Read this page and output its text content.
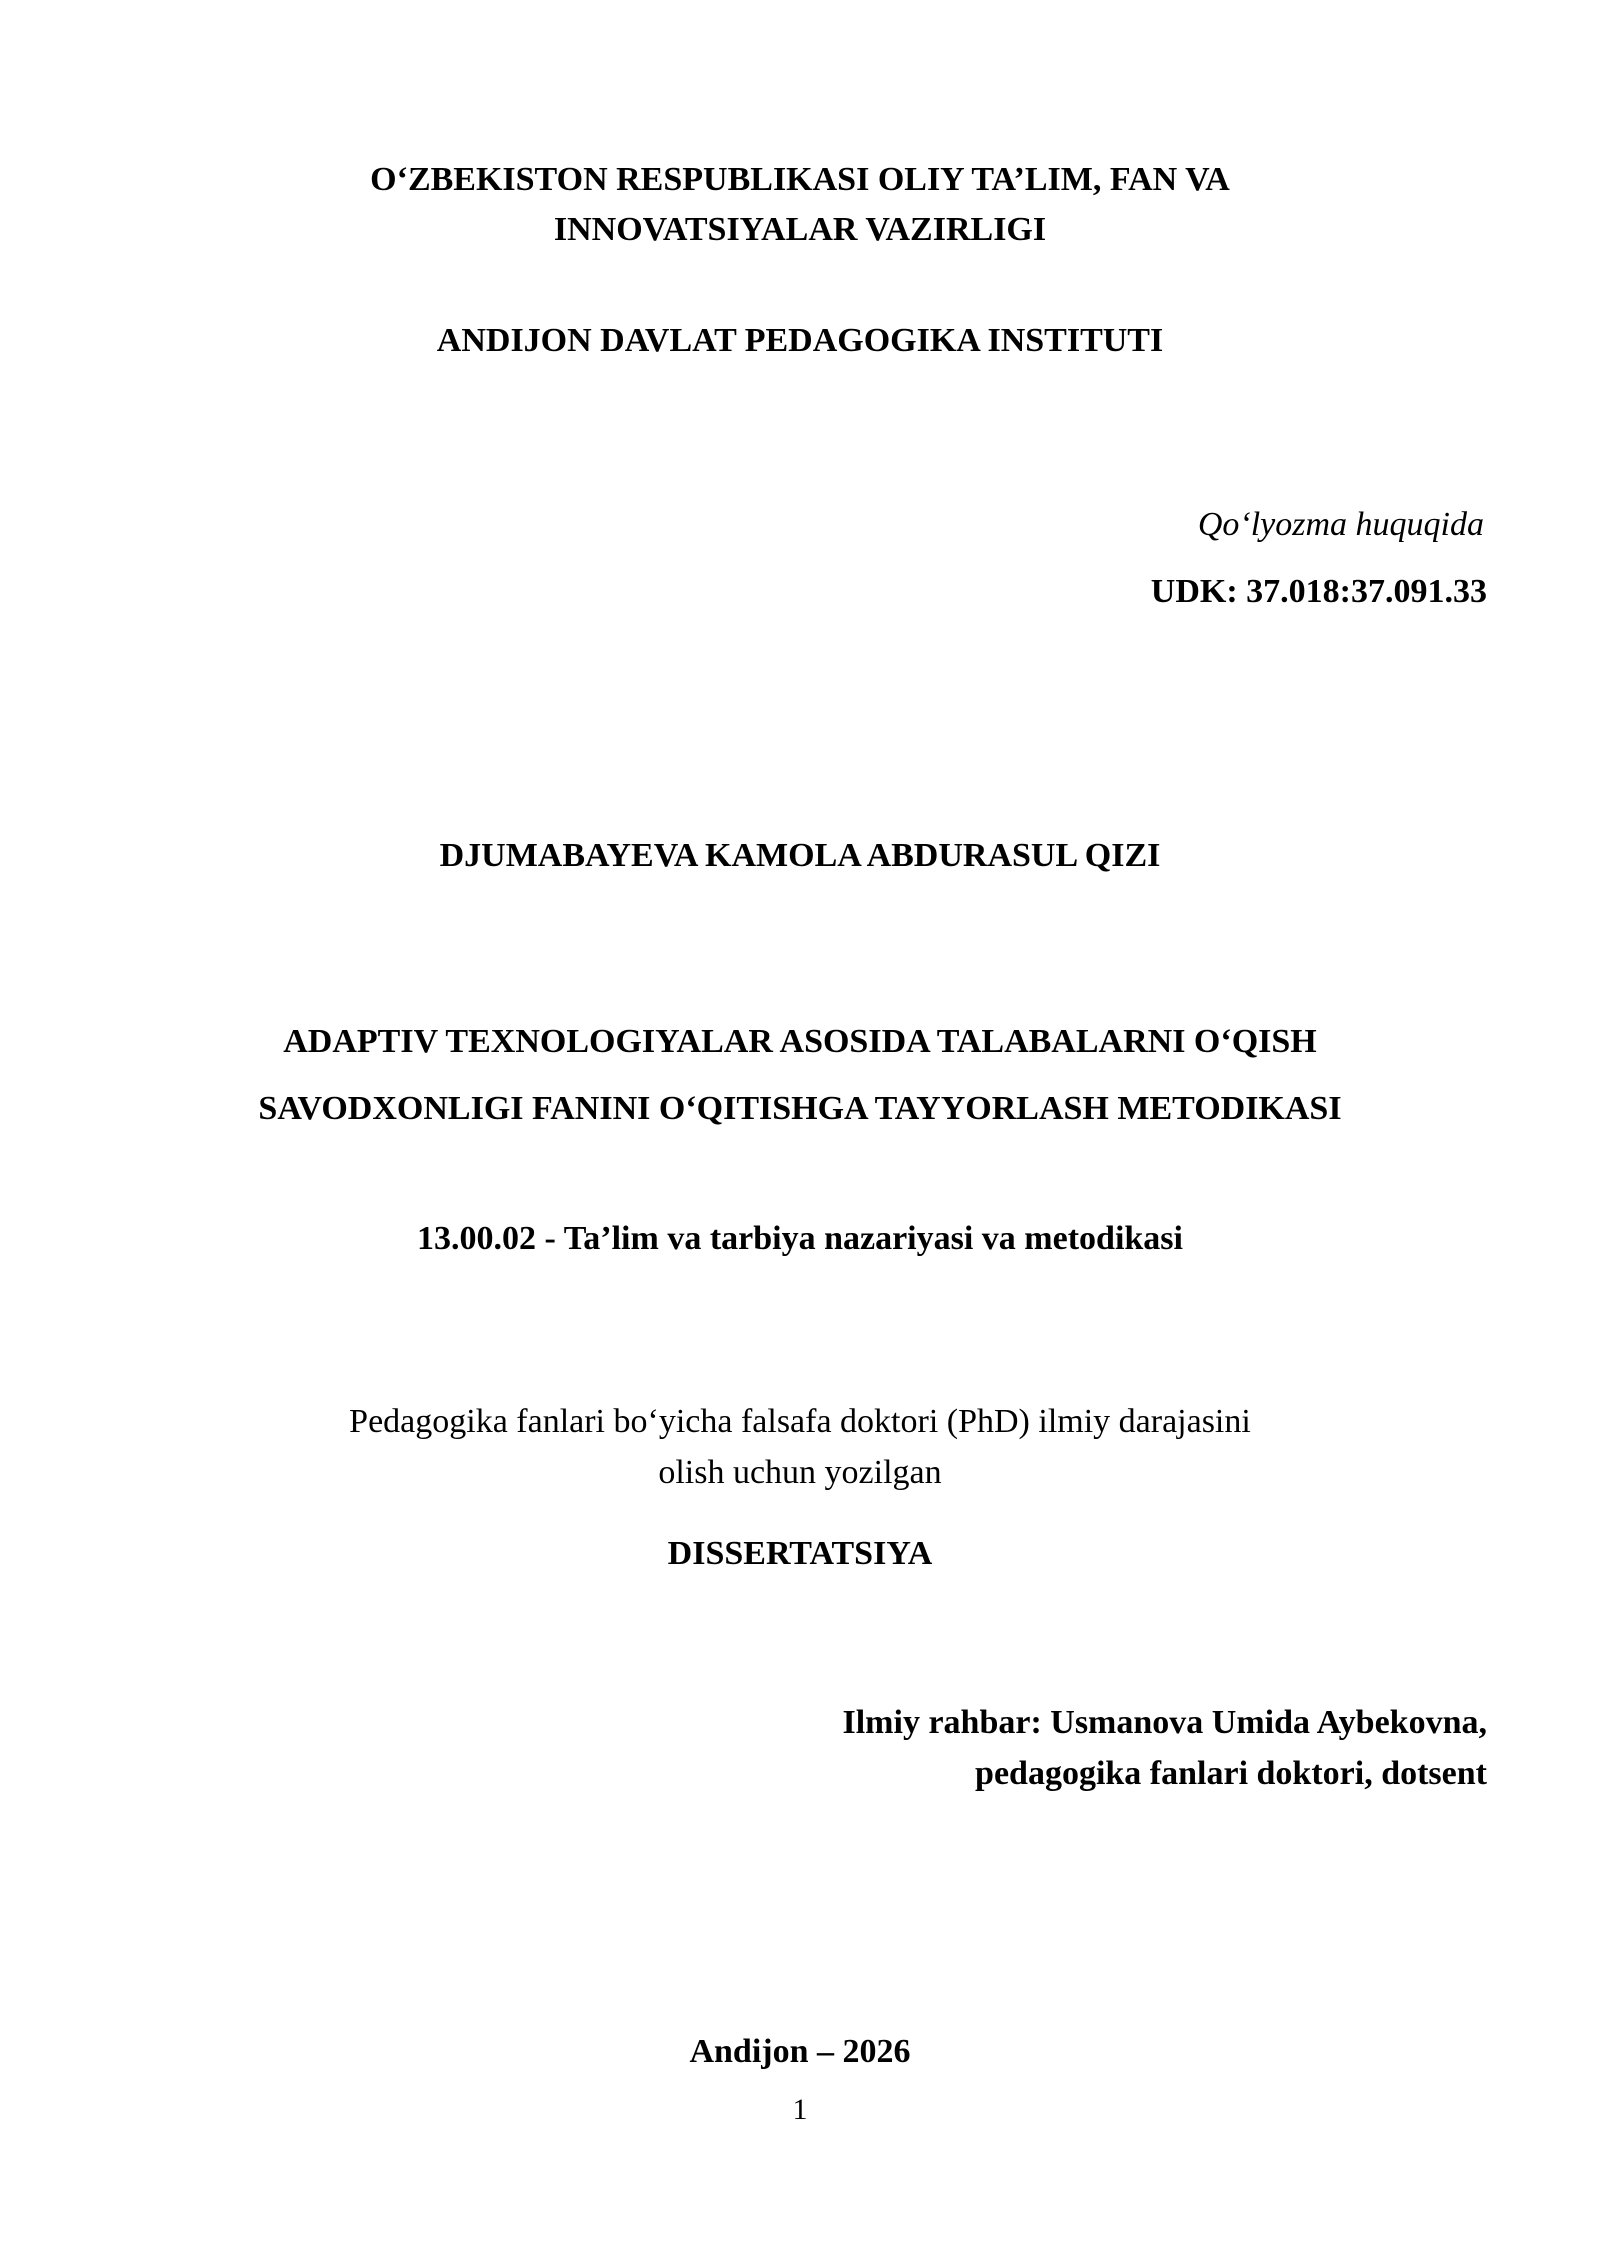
O‘ZBEKISTON RESPUBLIKASI OLIY TA’LIM, FAN VA
INNOVATSIYALAR VAZIRLIGI
ANDIJON DAVLAT PEDAGOGIKA INSTITUTI
Qo‘lyozma huquqida
UDK: 37.018:37.091.33
DJUMABAYEVA KAMOLA ABDURASUL QIZI
ADAPTIV TEXNOLOGIYALAR ASOSIDA TALABALARNI O‘QISH
SAVODXONLIGI FANINI O‘QITISHGA TAYYORLASH METODIKASI
13.00.02 - Ta’lim va tarbiya nazariyasi va metodikasi
Pedagogika fanlari bo‘yicha falsafa doktori (PhD) ilmiy darajasini
olish uchun yozilgan
DISSERTATSIYA
Ilmiy rahbar: Usmanova Umida Aybekovna,
pedagogika fanlari doktori, dotsent
Andijon – 2026
1
